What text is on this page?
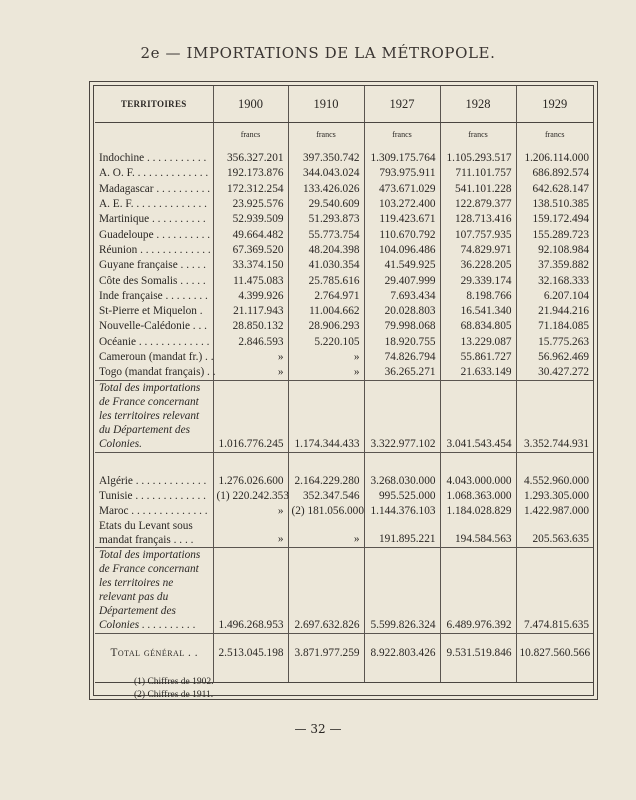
2e — IMPORTATIONS DE LA MÉTROPOLE.
TERRITOIRES	1900	1910	1927	1928	1929
	francs	francs	francs	francs	francs
Indochine . . . . . . . . . . .	356.327.201	397.350.742	1.309.175.764	1.105.293.517	1.206.114.000
A. O. F. . . . . . . . . . . . . .	192.173.876	344.043.024	793.975.911	711.101.757	686.892.574
Madagascar . . . . . . . . . .	172.312.254	133.426.026	473.671.029	541.101.228	642.628.147
A. E. F. . . . . . . . . . . . . .	23.925.576	29.540.609	103.272.400	122.879.377	138.510.385
Martinique . . . . . . . . . .	52.939.509	51.293.873	119.423.671	128.713.416	159.172.494
Guadeloupe . . . . . . . . . .	49.664.482	55.773.754	110.670.792	107.757.935	155.289.723
Réunion . . . . . . . . . . . . .	67.369.520	48.204.398	104.096.486	74.829.971	92.108.984
Guyane française . . . . .	33.374.150	41.030.354	41.549.925	36.228.205	37.359.882
Côte des Somalis . . . . .	11.475.083	25.785.616	29.407.999	29.339.174	32.168.333
Inde française . . . . . . . .	4.399.926	2.764.971	7.693.434	8.198.766	6.207.104
St-Pierre et Miquelon .	21.117.943	11.004.662	20.028.803	16.541.340	21.944.216
Nouvelle-Calédonie . . .	28.850.132	28.906.293	79.998.068	68.834.805	71.184.085
Océanie . . . . . . . . . . . . .	2.846.593	5.220.105	18.920.755	13.229.087	15.775.263
Cameroun (mandat fr.) . .	»	»	74.826.794	55.861.727	56.962.469
Togo (mandat français) . .	»	»	36.265.271	21.633.149	30.427.272
Total des importations de France concernant les territoires relevant du Département des Colonies.	1.016.776.245	1.174.344.433	3.322.977.102	3.041.543.454	3.352.744.931

Algérie . . . . . . . . . . . . .	1.276.026.600	2.164.229.280	3.268.030.000	4.043.000.000	4.552.960.000
Tunisie . . . . . . . . . . . . .	(1) 220.242.353	352.347.546	995.525.000	1.068.363.000	1.293.305.000
Maroc . . . . . . . . . . . . . .	»	(2) 181.056.000	1.144.376.103	1.184.028.829	1.422.987.000
Etats du Levant sous mandat français . . . .	»	»	191.895.221	194.584.563	205.563.635
Total des importations de France concernant les territoires ne relevant pas du Département des Colonies . . . . . . . . . .	1.496.268.953	2.697.632.826	5.599.826.324	6.489.976.392	7.474.815.635
Total général . .	2.513.045.198	3.871.977.259	8.922.803.426	9.531.519.846	10.827.560.566

(1) Chiffres de 1902.
(2) Chiffres de 1911.
— 32 —
